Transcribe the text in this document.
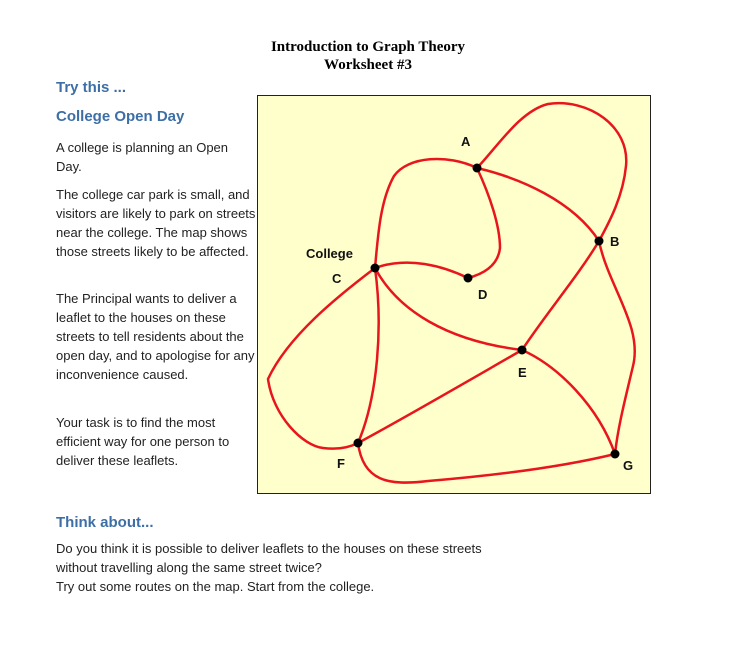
Introduction to Graph Theory
Worksheet #3
Try this ...
College Open Day

A college is planning an Open Day.

The college car park is small, and visitors are likely to park on streets near the college. The map shows those streets likely to be affected.

The Principal wants to deliver a leaflet to the houses on these streets to tell residents about the open day, and to apologise for any inconvenience caused.

Your task is to find the most efficient way for one person to deliver these leaflets.

A
B
College
C
D
E
F	G
Think about...

Do you think it is possible to deliver leaflets to the houses on these streets

without travelling along the same street twice?

Try out some routes on the map. Start from the college.
